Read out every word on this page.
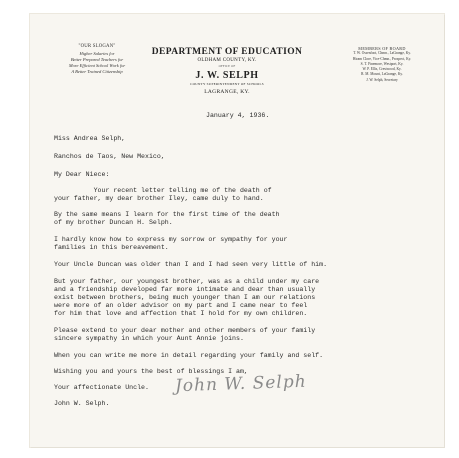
"OUR SLOGAN"
Higher Salaries for
Better Prepared Teachers for
More Efficient School Work for
A Better Trained Citizenship
DEPARTMENT OF EDUCATION
OLDHAM COUNTY, KY.
OFFICE OF
J. W. SELPH
COUNTY SUPERINTENDENT OF SCHOOLS
LAGRANGE, KY.
MEMBERS OF BOARD
T. W. Ossenfoot, Chmn., LaGrange, Ky.
Hiram Clore, Vice-Chmn., Prospect, Ky.
S. T. Finemore, Westport, Ky.
W. P. Ellis, Crestwood, Ky.
R. M. Mount, LaGrange, Ky.
J. W. Selph, Secretary
January 4, 1936.
Miss Andrea Selph,
Ranchos de Taos, New Mexico,
My Dear Niece:
Your recent letter telling me of the death of
your father, my dear brother Iley, came duly to hand.
By the same means I learn for the first time of the death
of my brother Duncan H. Selph.
I hardly know how to express my sorrow or sympathy for your
families in this bereavement.
Your Uncle Duncan was older than I and I had seen very little of him.
But your father, our youngest brother, was as a child under my care
and a friendship developed far more intimate and dear than usually
exist between brothers, being much younger than I am our relations
were more of an older advisor on my part and I came near to feel
for him that love and affection that I hold for my own children.
Please extend to your dear mother and other members of your family
sincere sympathy in which your Aunt Annie joins.
When you can write me more in detail regarding your family and self.
Wishing you and yours the best of blessings I am,
Your affectionate Uncle.
John W. Selph.
John W. Selph
